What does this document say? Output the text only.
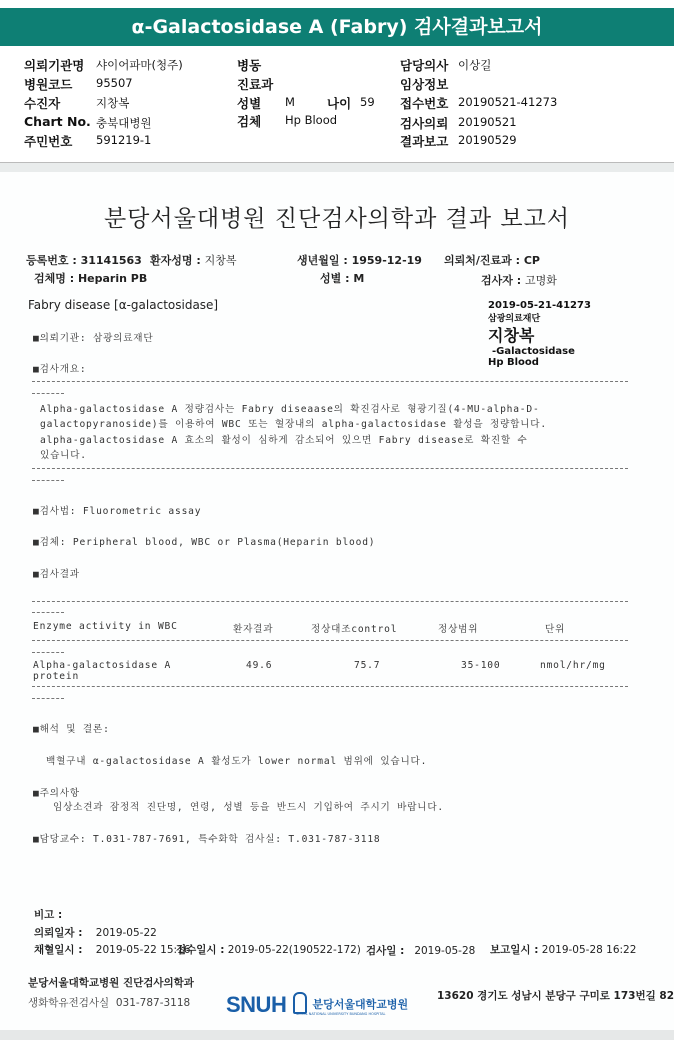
α-Galactosidase A (Fabry) 검사결과보고서
의뢰기관명 샤이어파마(청주)
병원코드 95507
수진자	지창복
Chart No. 충북대병원
주민번호 591219-1
병동
진료과
성별 M	나이 59
검체 Hp Blood
담당의사 이상길
임상정보
접수번호 20190521-41273
검사의뢰 20190521
결과보고 20190529
분당서울대병원 진단검사의학과 결과 보고서
등록번호 : 31141563 환자성명 : 지창복	생년월일 : 1959-12-19 의뢰처/진료과 : CP
검체명 : Heparin PB	성별 : M	검사자 : 고명화
Fabry disease [α-galactosidase]	2019-05-21-41273
삼광의료재단
지창복
-Galactosidase
Hp Blood
■의뢰기관: 삼광의료재단
■검사개요:
Alpha-galactosidase A 정량검사는 Fabry diseaase의 확진검사로 형광기질(4-MU-alpha-D-
galactopyranoside)를 이용하여 WBC 또는 혈장내의 alpha-galactosidase 활성을 정량합니다.
alpha-galactosidase A 효소의 활성이 심하게 감소되어 있으면 Fabry disease로 확진할 수
있습니다.
■검사법: Fluorometric assay
■검체: Peripheral blood, WBC or Plasma(Heparin blood)
■검사결과
Enzyme activity in WBC	환자결과	정상대조control	정상범위	단위
Alpha-galactosidase A
protein
49.6	75.7	35-100	nmol/hr/mg
■해석 및 결론:
백혈구내 α-galactosidase A 활성도가 lower normal 범위에 있습니다.
■주의사항
임상소견과 잠정적 진단명, 연령, 성별 등을 반드시 기입하여 주시기 바랍니다.
■담당교수: T.031-787-7691, 특수화학 검사실: T.031-787-3118
비고 :
의뢰일자 : 2019-05-22
채혈일시 : 2019-05-22 15:16
접수일시 : 2019-05-22(190522-172) 검사일 : 2019-05-28 보고일시 : 2019-05-28 16:22
분당서울대학교병원 진단검사의학과
생화학유전검사실 031-787-3118 SNUH $^{분당서울대학교병원}$
SEOUL NATIONAL UNIVERSITY BUNDANG HOSPITAL
13620 경기도 성남시 분당구 구미로 173번길 82
